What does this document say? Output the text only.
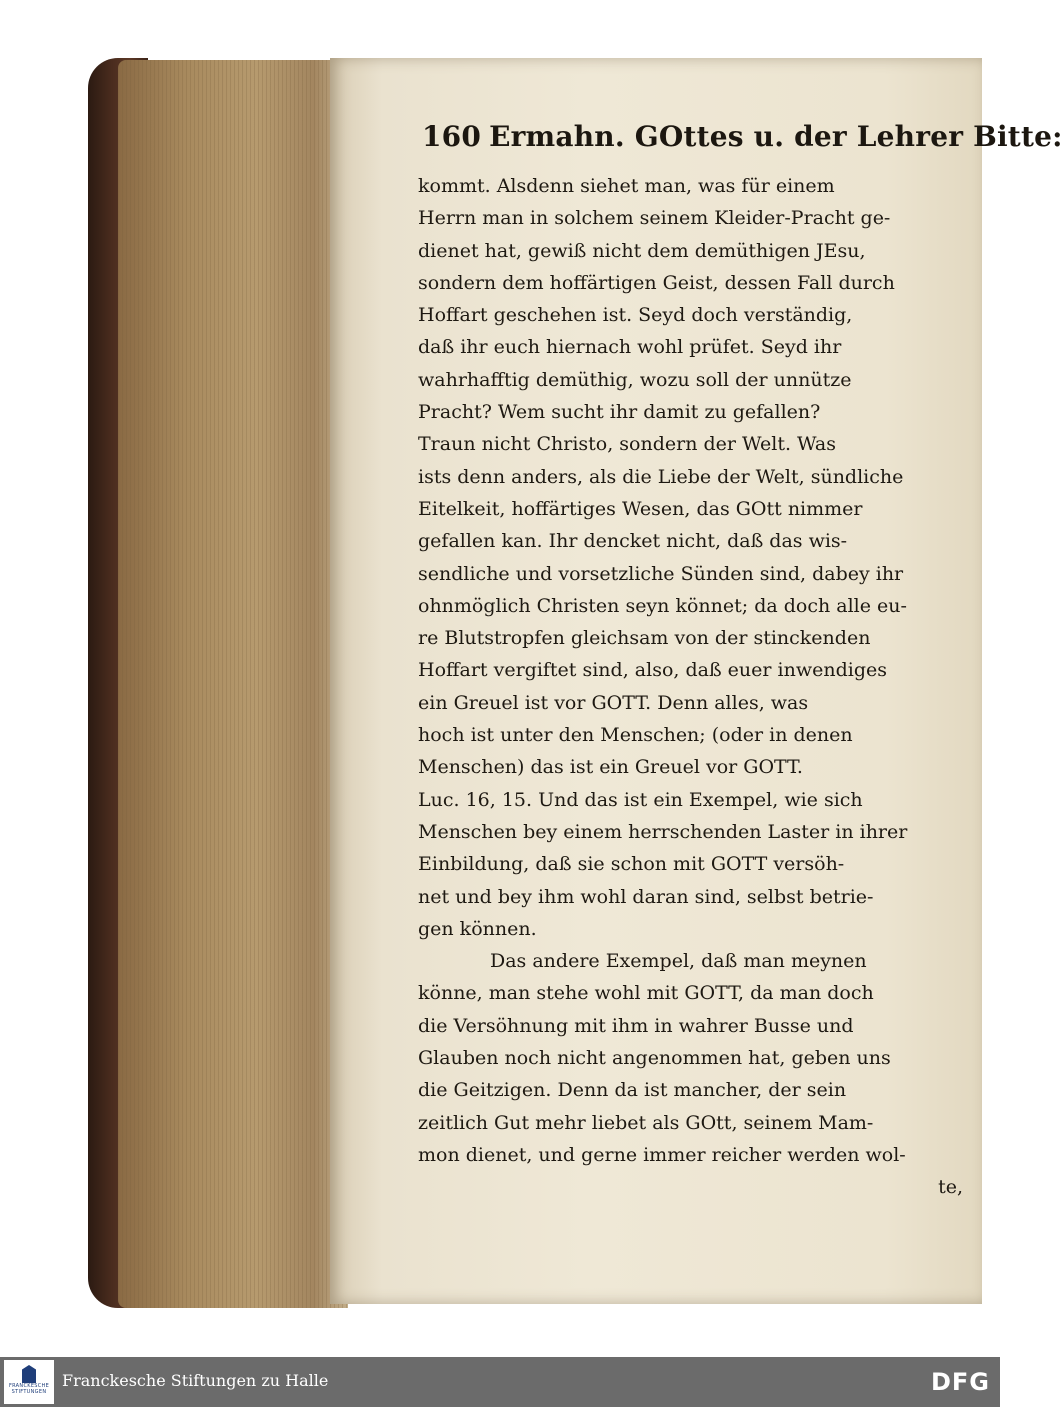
160 Ermahn. GOttes u. der Lehrer Bitte:
kommt. Alsdenn siehet man, was für einem
Herrn man in solchem seinem Kleider-Pracht ge-
dienet hat, gewiß nicht dem demüthigen JEsu,
sondern dem hoffärtigen Geist, dessen Fall durch
Hoffart geschehen ist. Seyd doch verständig,
daß ihr euch hiernach wohl prüfet. Seyd ihr
wahrhafftig demüthig, wozu soll der unnütze
Pracht? Wem sucht ihr damit zu gefallen?
Traun nicht Christo, sondern der Welt. Was
ists denn anders, als die Liebe der Welt, sündliche
Eitelkeit, hoffärtiges Wesen, das GOtt nimmer
gefallen kan. Ihr dencket nicht, daß das wis-
sendliche und vorsetzliche Sünden sind, dabey ihr
ohnmöglich Christen seyn könnet; da doch alle eu-
re Blutstropfen gleichsam von der stinckenden
Hoffart vergiftet sind, also, daß euer inwendiges
ein Greuel ist vor GOTT. Denn alles, was
hoch ist unter den Menschen; (oder in denen
Menschen) das ist ein Greuel vor GOTT.
Luc. 16, 15. Und das ist ein Exempel, wie sich
Menschen bey einem herrschenden Laster in ihrer
Einbildung, daß sie schon mit GOTT versöh-
net und bey ihm wohl daran sind, selbst betrie-
gen können.
Das andere Exempel, daß man meynen
könne, man stehe wohl mit GOTT, da man doch
die Versöhnung mit ihm in wahrer Busse und
Glauben noch nicht angenommen hat, geben uns
die Geitzigen. Denn da ist mancher, der sein
zeitlich Gut mehr liebet als GOtt, seinem Mam-
mon dienet, und gerne immer reicher werden wol-
te,
FRANCKESCHE
STIFTUNGEN
Franckesche Stiftungen zu Halle	DFG
